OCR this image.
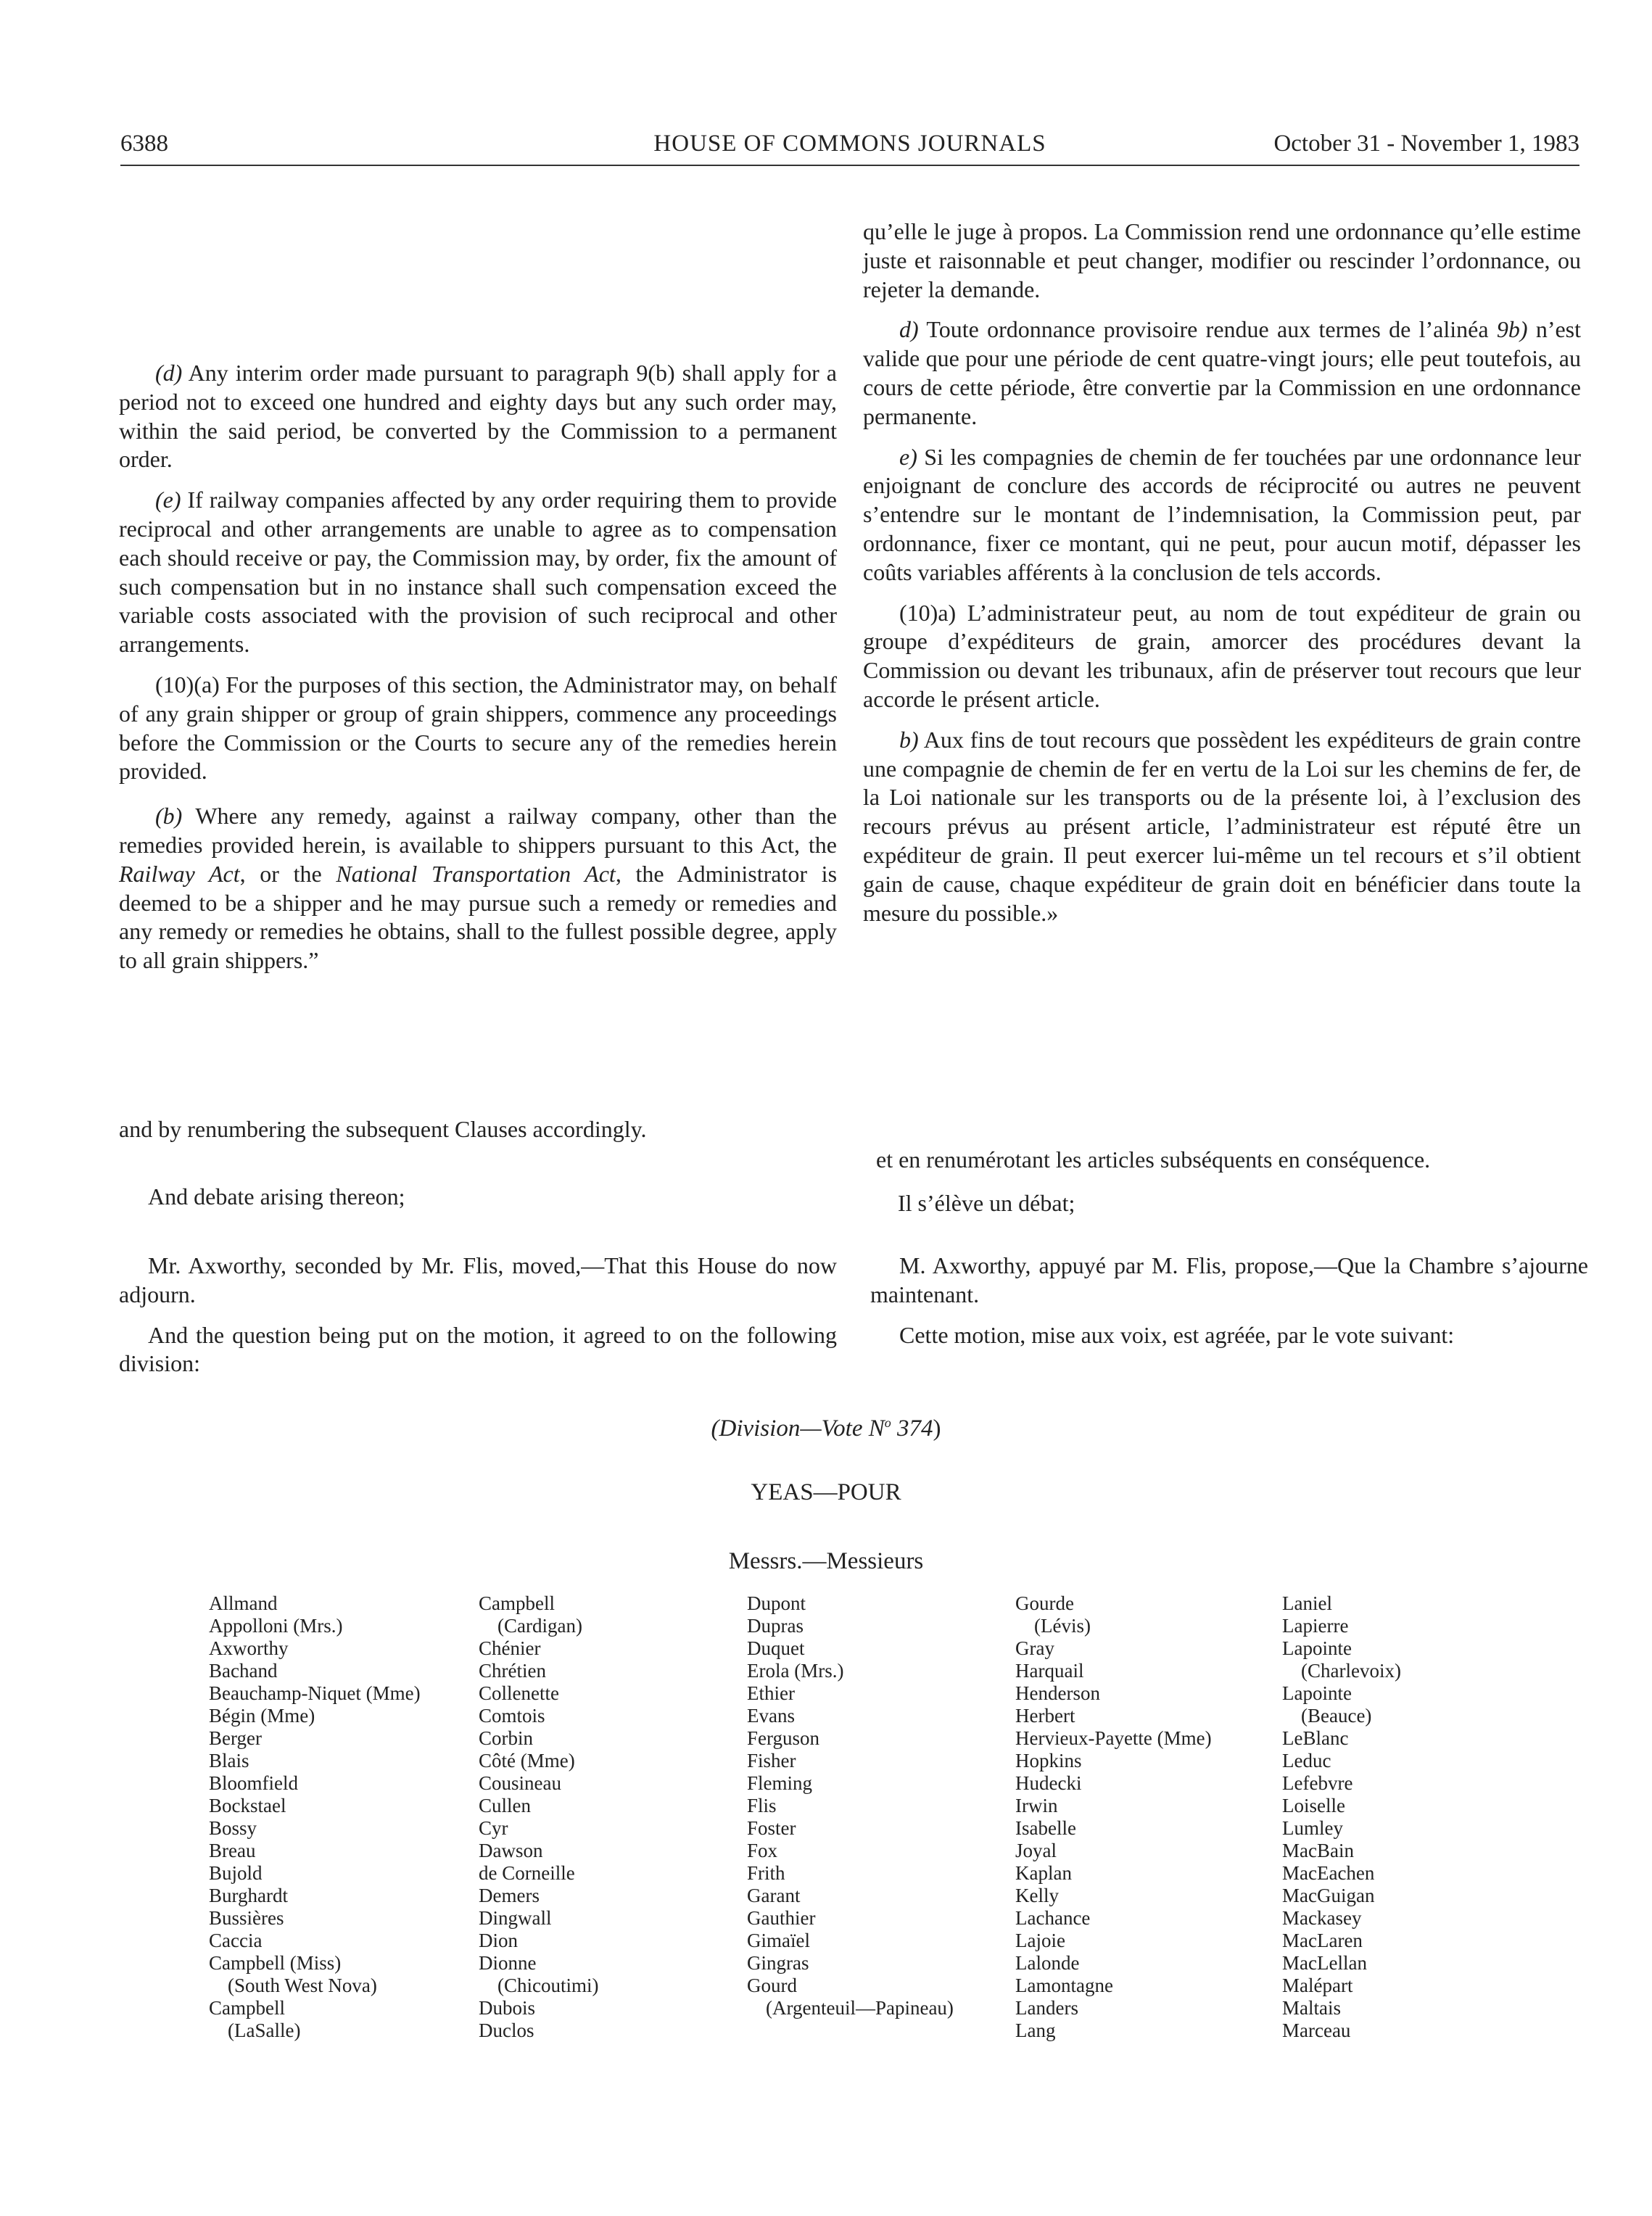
6388	HOUSE OF COMMONS JOURNALS	October 31 - November 1, 1983

(d) Any interim order made pursuant to paragraph 9(b) shall apply for a period not to exceed one hundred and eighty days but any such order may, within the said period, be converted by the Commission to a permanent order.

(e) If railway companies affected by any order requiring them to provide reciprocal and other arrangements are unable to agree as to compensation each should receive or pay, the Commission may, by order, fix the amount of such compensation but in no instance shall such compensation exceed the variable costs associated with the provision of such reciprocal and other arrangements.

(10)(a) For the purposes of this section, the Administrator may, on behalf of any grain shipper or group of grain shippers, commence any proceedings before the Commission or the Courts to secure any of the remedies herein provided.

(b) Where any remedy, against a railway company, other than the remedies provided herein, is available to shippers pursuant to this Act, the Railway Act, or the National Transportation Act, the Administrator is deemed to be a shipper and he may pursue such a remedy or remedies and any remedy or remedies he obtains, shall to the fullest possible degree, apply to all grain shippers.”

qu’elle le juge à propos. La Commission rend une ordonnance qu’elle estime juste et raisonnable et peut changer, modifier ou rescinder l’ordonnance, ou rejeter la demande.

d) Toute ordonnance provisoire rendue aux termes de l’alinéa 9b) n’est valide que pour une période de cent quatre-vingt jours; elle peut toutefois, au cours de cette période, être convertie par la Commission en une ordonnance permanente.

e) Si les compagnies de chemin de fer touchées par une ordonnance leur enjoignant de conclure des accords de réciprocité ou autres ne peuvent s’entendre sur le montant de l’indemnisation, la Commission peut, par ordonnance, fixer ce montant, qui ne peut, pour aucun motif, dépasser les coûts variables afférents à la conclusion de tels accords.

(10)a) L’administrateur peut, au nom de tout expéditeur de grain ou groupe d’expéditeurs de grain, amorcer des procédures devant la Commission ou devant les tribunaux, afin de préserver tout recours que leur accorde le présent article.

b) Aux fins de tout recours que possèdent les expéditeurs de grain contre une compagnie de chemin de fer en vertu de la Loi sur les chemins de fer, de la Loi nationale sur les transports ou de la présente loi, à l’exclusion des recours prévus au présent article, l’administrateur est réputé être un expéditeur de grain. Il peut exercer lui-même un tel recours et s’il obtient gain de cause, chaque expéditeur de grain doit en bénéficier dans toute la mesure du possible.»

and by renumbering the subsequent Clauses accordingly.
et en renumérotant les articles subséquents en conséquence.
And debate arising thereon;	Il s’élève un débat;

Mr. Axworthy, seconded by Mr. Flis, moved,—That this House do now adjourn.

And the question being put on the motion, it agreed to on the following division:

M. Axworthy, appuyé par M. Flis, propose,—Que la Chambre s’ajourne maintenant.

Cette motion, mise aux voix, est agréée, par le vote suivant:

(Division—Vote $N^o$ 374)
YEAS—POUR
Messrs.—Messieurs
Allmand
Appolloni (Mrs.)
Axworthy
Bachand
Beauchamp-Niquet (Mme)
Bégin (Mme)
Berger
Blais
Bloomfield
Bockstael
Bossy
Breau
Bujold
Burghardt
Bussières
Caccia
Campbell (Miss)
(South West Nova)
Campbell
(LaSalle)
Campbell
(Cardigan)
Chénier
Chrétien
Collenette
Comtois
Corbin
Côté (Mme)
Cousineau
Cullen
Cyr
Dawson
de Corneille
Demers
Dingwall
Dion
Dionne
(Chicoutimi)
Dubois
Duclos
Dupont
Dupras
Duquet
Erola (Mrs.)
Ethier
Evans
Ferguson
Fisher
Fleming
Flis
Foster
Fox
Frith
Garant
Gauthier
Gimaïel
Gingras
Gourd
(Argenteuil—Papineau)
Gourde
(Lévis)
Gray
Harquail
Henderson
Herbert
Hervieux-Payette (Mme)
Hopkins
Hudecki
Irwin
Isabelle
Joyal
Kaplan
Kelly
Lachance
Lajoie
Lalonde
Lamontagne
Landers
Lang
Laniel
Lapierre
Lapointe
(Charlevoix)
Lapointe
(Beauce)
LeBlanc
Leduc
Lefebvre
Loiselle
Lumley
MacBain
MacEachen
MacGuigan
Mackasey
MacLaren
MacLellan
Malépart
Maltais
Marceau
